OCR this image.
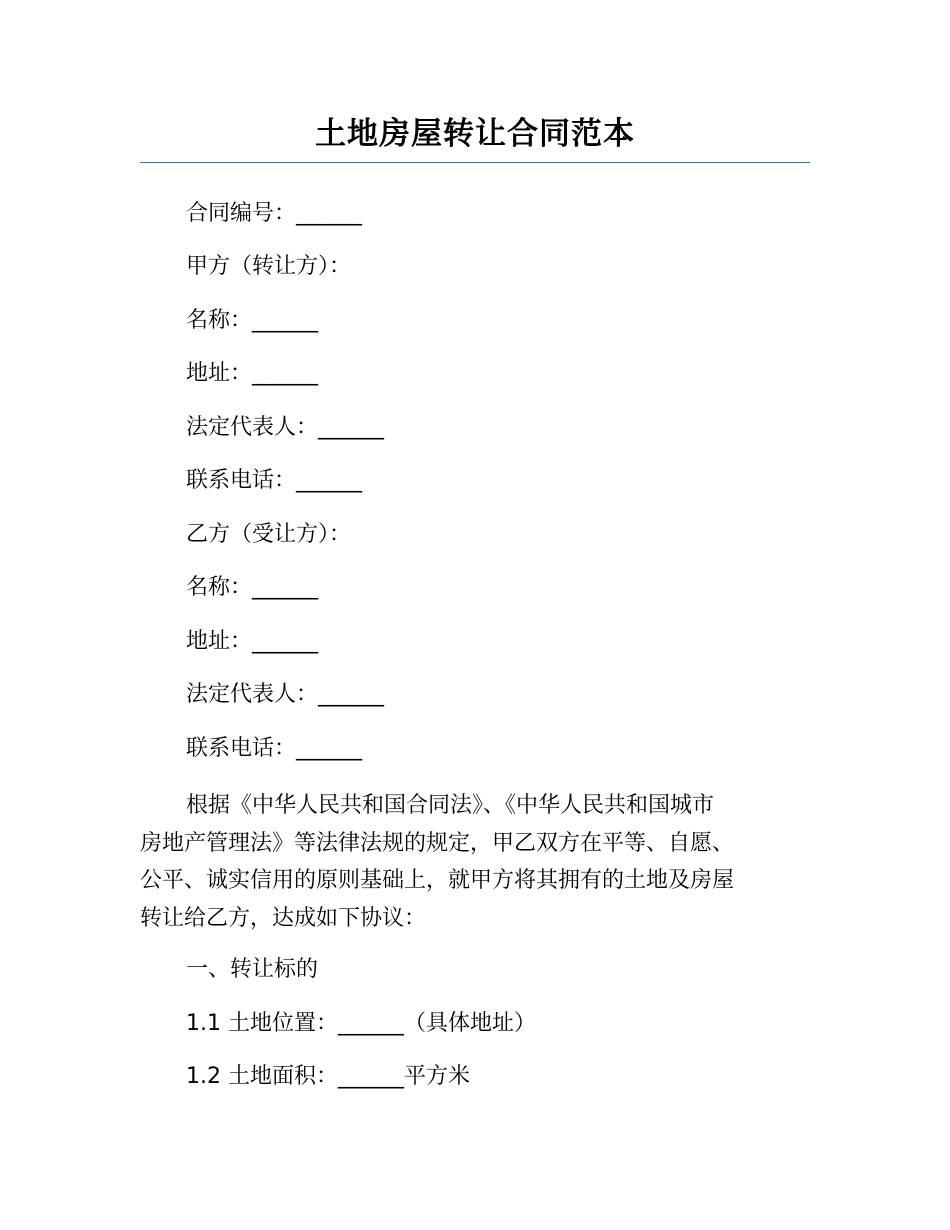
土地房屋转让合同范本
合同编号：______
甲方（转让方）：
名称：______
地址：______
法定代表人：______
联系电话：______
乙方（受让方）：
名称：______
地址：______
法定代表人：______
联系电话：______
根据《中华人民共和国合同法》、《中华人民共和国城市
房地产管理法》等法律法规的规定，甲乙双方在平等、自愿、
公平、诚实信用的原则基础上，就甲方将其拥有的土地及房屋
转让给乙方，达成如下协议：
一、转让标的
1.1 土地位置：______（具体地址）
1.2 土地面积：______平方米
